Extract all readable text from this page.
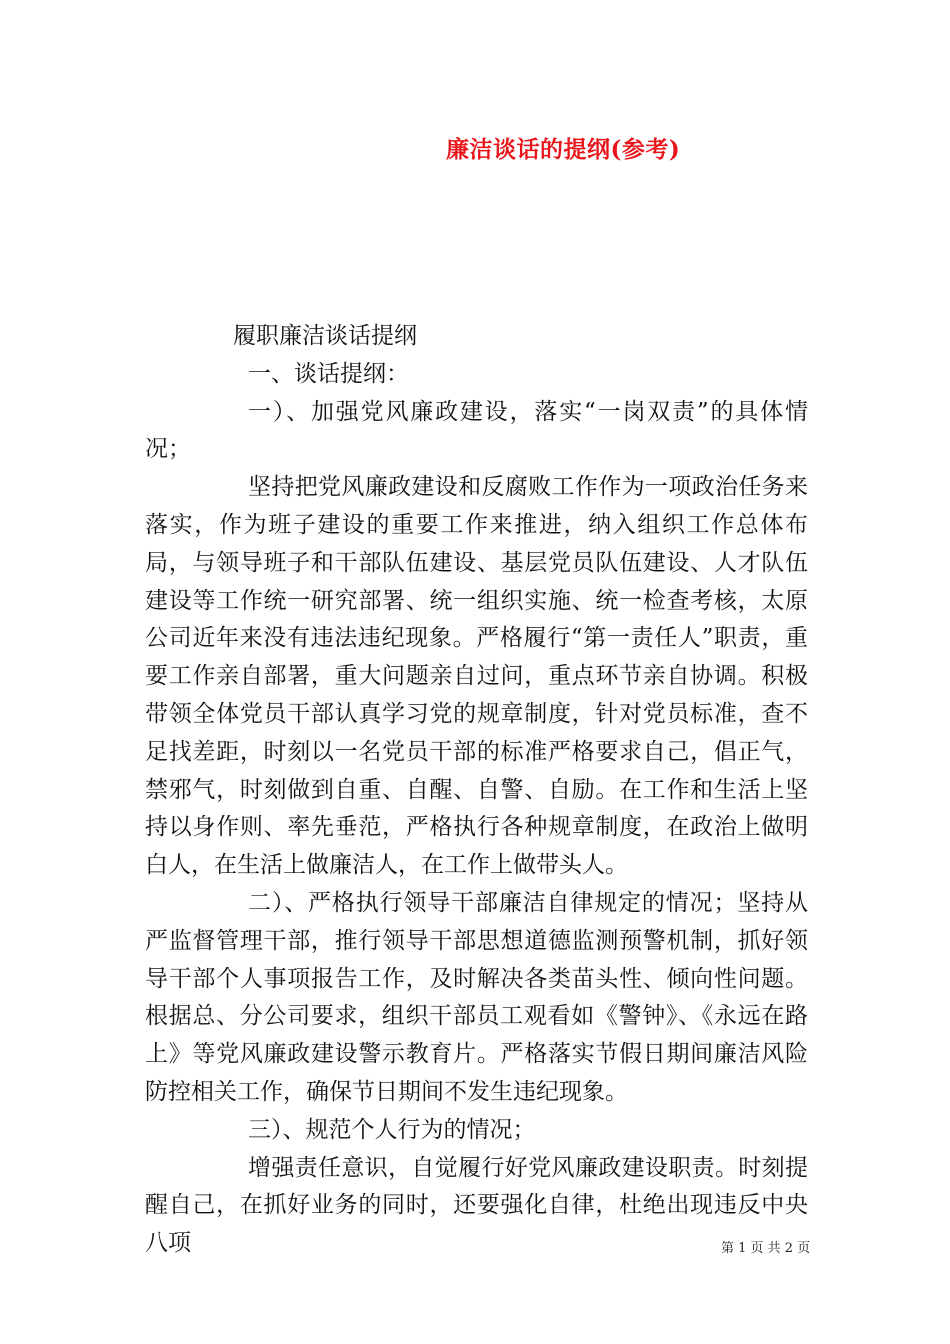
廉洁谈话的提纲(参考)

履职廉洁谈话提纲

一、谈话提纲：

一）、加强党风廉政建设，落实“一岗双责”的具体情况；

坚持把党风廉政建设和反腐败工作作为一项政治任务来落实，作为班子建设的重要工作来推进，纳入组织工作总体布局，与领导班子和干部队伍建设、基层党员队伍建设、人才队伍建设等工作统一研究部署、统一组织实施、统一检查考核，太原公司近年来没有违法违纪现象。严格履行“第一责任人”职责，重要工作亲自部署，重大问题亲自过问，重点环节亲自协调。积极带领全体党员干部认真学习党的规章制度，针对党员标准，查不足找差距，时刻以一名党员干部的标准严格要求自己，倡正气，禁邪气，时刻做到自重、自醒、自警、自励。在工作和生活上坚持以身作则、率先垂范，严格执行各种规章制度，在政治上做明白人，在生活上做廉洁人，在工作上做带头人。

二）、严格执行领导干部廉洁自律规定的情况；坚持从严监督管理干部，推行领导干部思想道德监测预警机制，抓好领导干部个人事项报告工作，及时解决各类苗头性、倾向性问题。根据总、分公司要求，组织干部员工观看如《警钟》、《永远在路上》等党风廉政建设警示教育片。严格落实节假日期间廉洁风险防控相关工作，确保节日期间不发生违纪现象。

三）、规范个人行为的情况；

增强责任意识，自觉履行好党风廉政建设职责。时刻提醒自己，在抓好业务的同时，还要强化自律，杜绝出现违反中央八项	第 1 页 共 2 页
